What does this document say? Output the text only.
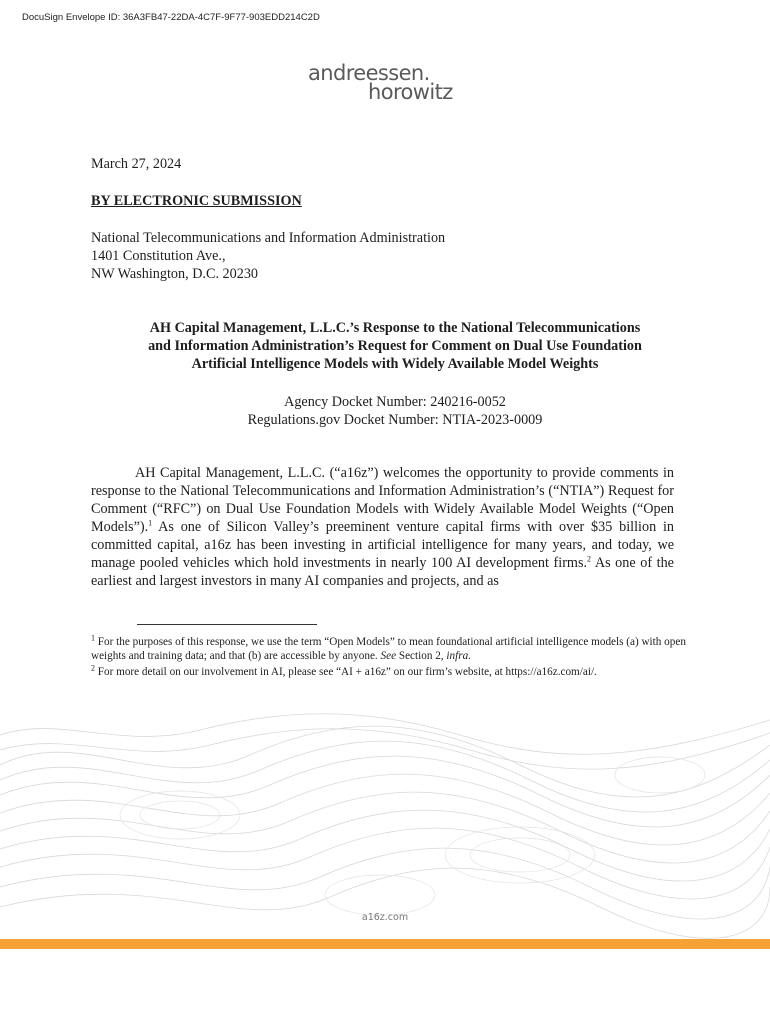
DocuSign Envelope ID: 36A3FB47-22DA-4C7F-9F77-903EDD214C2D
andreessen.
horowitz
March 27, 2024
BY ELECTRONIC SUBMISSION
National Telecommunications and Information Administration
1401 Constitution Ave.,
NW Washington, D.C. 20230
AH Capital Management, L.L.C.’s Response to the National Telecommunications
and Information Administration’s Request for Comment on Dual Use Foundation
Artificial Intelligence Models with Widely Available Model Weights
Agency Docket Number: 240216-0052
Regulations.gov Docket Number: NTIA-2023-0009
AH Capital Management, L.L.C. (“a16z”) welcomes the opportunity to provide comments in response to the National Telecommunications and Information Administration’s (“NTIA”) Request for Comment (“RFC”) on Dual Use Foundation Models with Widely Available Model Weights (“Open Models”).$^1$ As one of Silicon Valley’s preeminent venture capital firms with over $35 billion in committed capital, a16z has been investing in artificial intelligence for many years, and today, we manage pooled vehicles which hold investments in nearly 100 AI development firms.$^2$ As one of the earliest and largest investors in many AI companies and projects, and as
$^1$ For the purposes of this response, we use the term “Open Models” to mean foundational artificial intelligence models (a) with open weights and training data; and that (b) are accessible by anyone. See Section 2, infra.
$^2$ For more detail on our involvement in AI, please see “AI + a16z” on our firm’s website, at https://a16z.com/ai/.
a16z.com
